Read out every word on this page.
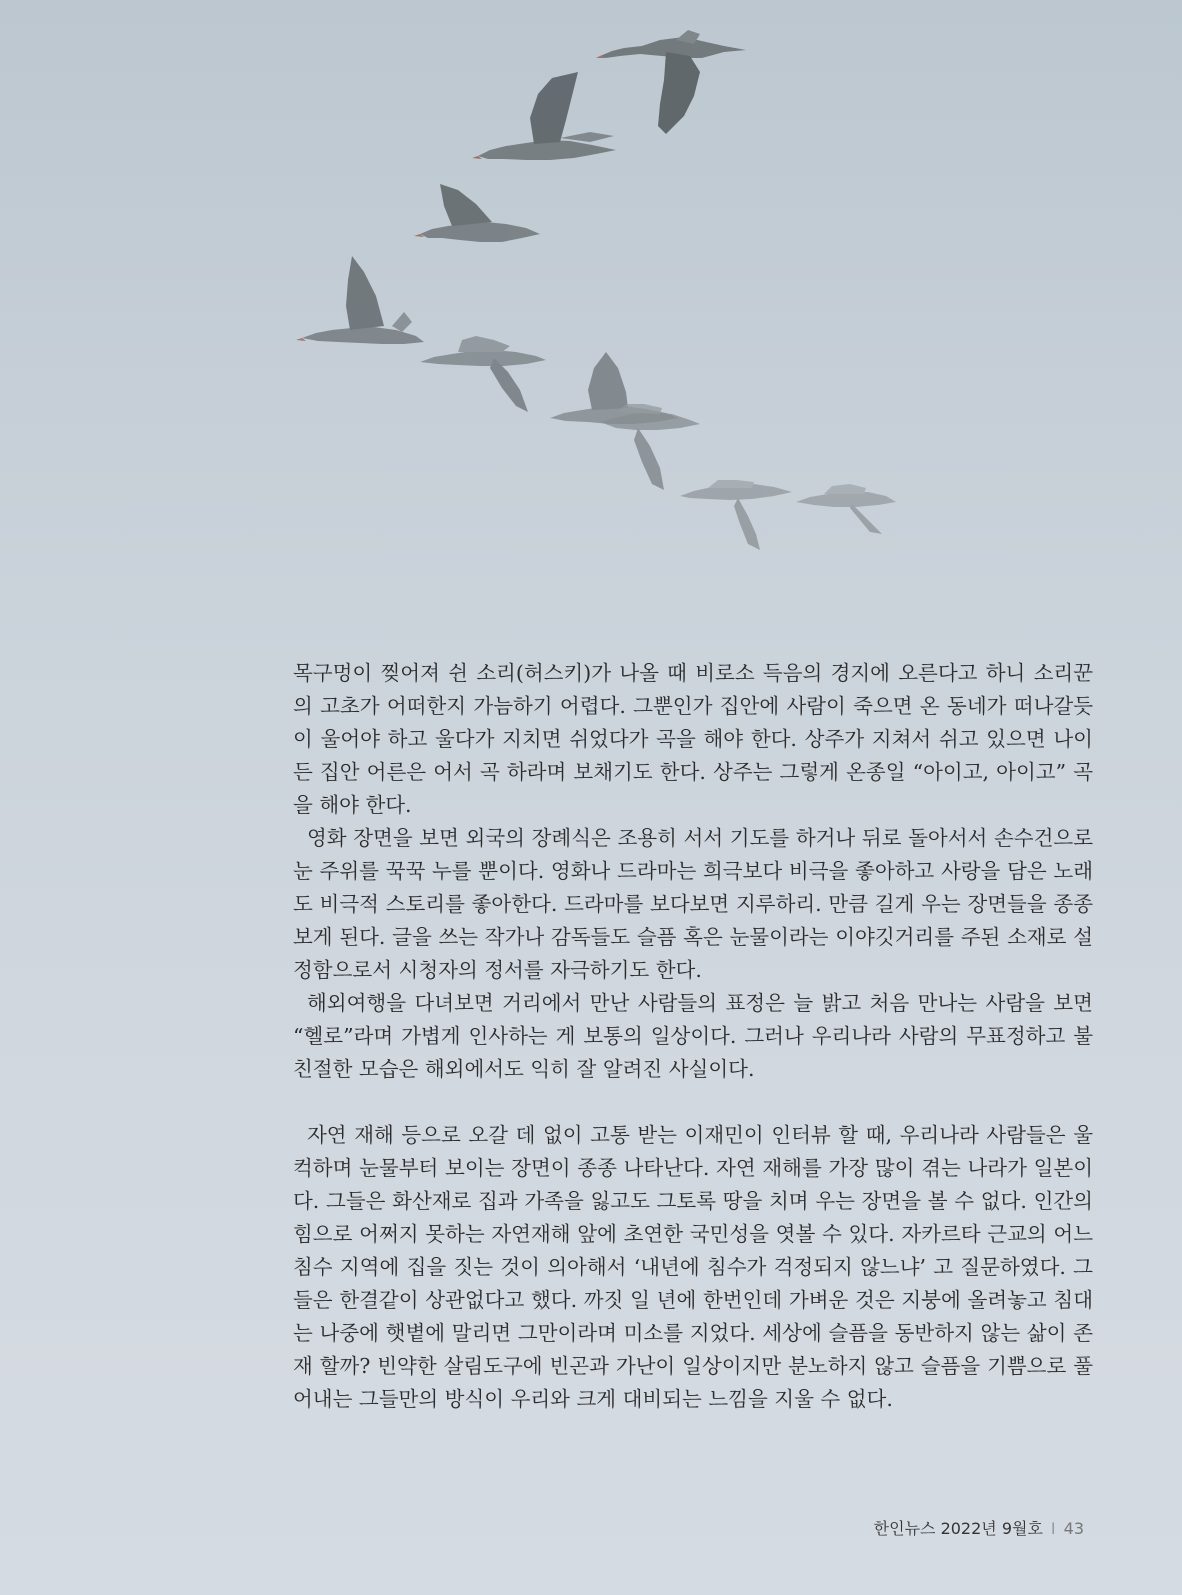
목구멍이 찢어져 쉰 소리(허스키)가 나올 때 비로소 득음의 경지에 오른다고 하니 소리꾼의 고초가 어떠한지 가늠하기 어렵다. 그뿐인가 집안에 사람이 죽으면 온 동네가 떠나갈듯이 울어야 하고 울다가 지치면 쉬었다가 곡을 해야 한다. 상주가 지쳐서 쉬고 있으면 나이든 집안 어른은 어서 곡 하라며 보채기도 한다. 상주는 그렇게 온종일 “아이고, 아이고” 곡을 해야 한다.

영화 장면을 보면 외국의 장례식은 조용히 서서 기도를 하거나 뒤로 돌아서서 손수건으로 눈 주위를 꾹꾹 누를 뿐이다. 영화나 드라마는 희극보다 비극을 좋아하고 사랑을 담은 노래도 비극적 스토리를 좋아한다. 드라마를 보다보면 지루하리. 만큼 길게 우는 장면들을 종종 보게 된다. 글을 쓰는 작가나 감독들도 슬픔 혹은 눈물이라는 이야깃거리를 주된 소재로 설정함으로서 시청자의 정서를 자극하기도 한다.

해외여행을 다녀보면 거리에서 만난 사람들의 표정은 늘 밝고 처음 만나는 사람을 보면 “헬로”라며 가볍게 인사하는 게 보통의 일상이다. 그러나 우리나라 사람의 무표정하고 불친절한 모습은 해외에서도 익히 잘 알려진 사실이다.

자연 재해 등으로 오갈 데 없이 고통 받는 이재민이 인터뷰 할 때, 우리나라 사람들은 울컥하며 눈물부터 보이는 장면이 종종 나타난다. 자연 재해를 가장 많이 겪는 나라가 일본이다. 그들은 화산재로 집과 가족을 잃고도 그토록 땅을 치며 우는 장면을 볼 수 없다. 인간의 힘으로 어쩌지 못하는 자연재해 앞에 초연한 국민성을 엿볼 수 있다. 자카르타 근교의 어느 침수 지역에 집을 짓는 것이 의아해서 ‘내년에 침수가 걱정되지 않느냐’ 고 질문하였다. 그들은 한결같이 상관없다고 했다. 까짓 일 년에 한번인데 가벼운 것은 지붕에 올려놓고 침대는 나중에 햇볕에 말리면 그만이라며 미소를 지었다. 세상에 슬픔을 동반하지 않는 삶이 존재 할까? 빈약한 살림도구에 빈곤과 가난이 일상이지만 분노하지 않고 슬픔을 기쁨으로 풀어내는 그들만의 방식이 우리와 크게 대비되는 느낌을 지울 수 없다.

한인뉴스 2022년 9월호 I 43
